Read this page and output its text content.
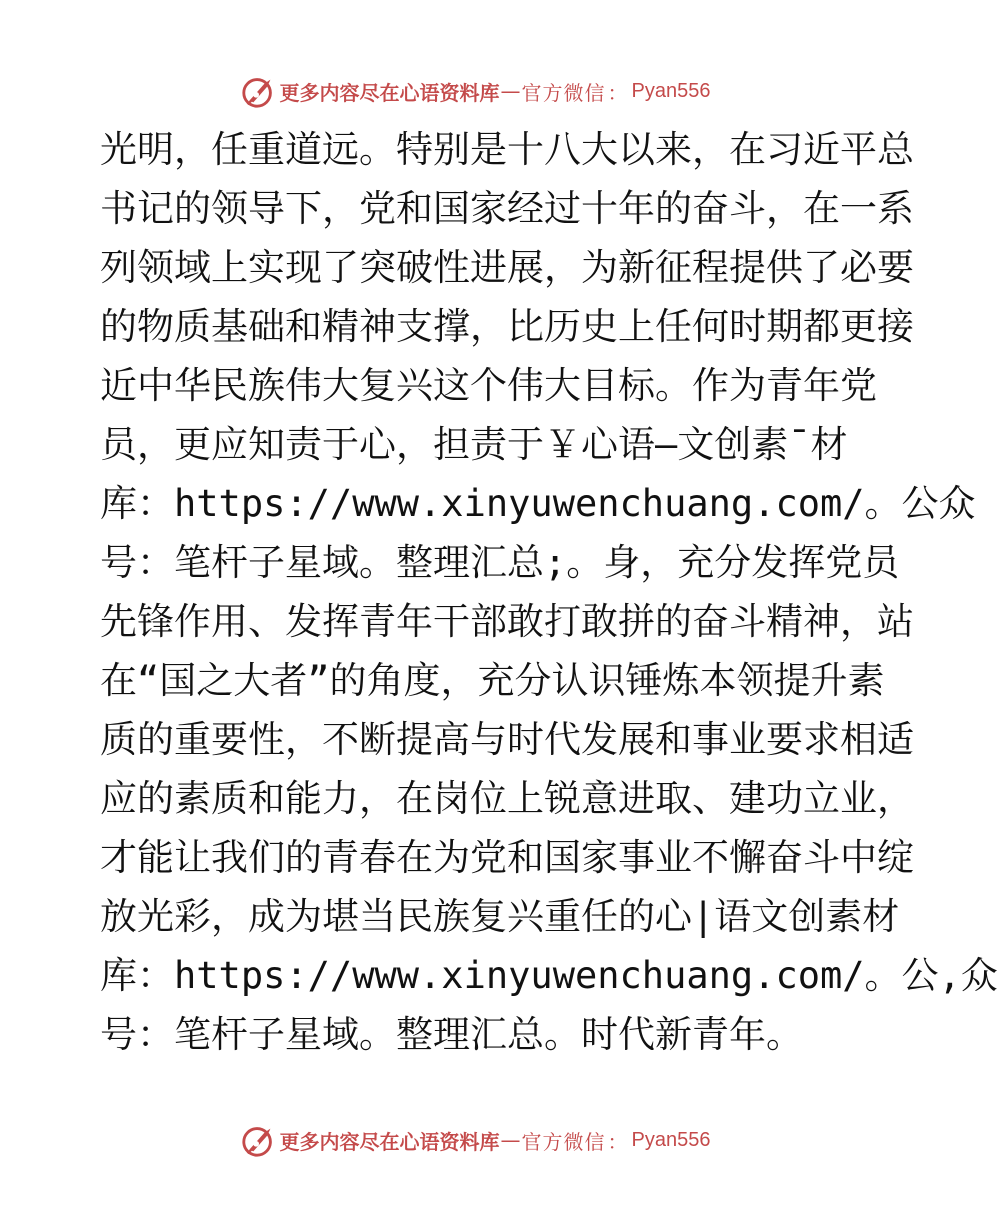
更多内容尽在心语资料库 — 官方微信 ： Pyan556
光明，任重道远。特别是十八大以来，在习近平总
书记的领导下，党和国家经过十年的奋斗，在一系
列领域上实现了突破性进展，为新征程提供了必要
的物质基础和精神支撑，比历史上任何时期都更接
近中华民族伟大复兴这个伟大目标。作为青年党
员，更应知责于心，担责于￥心语—文创素¯材
库：https://www.xinyuwenchuang.com/。公众
号：笔杆子星域。整理汇总;。身，充分发挥党员
先锋作用、发挥青年干部敢打敢拼的奋斗精神，站
在“国之大者”的角度，充分认识锤炼本领提升素
质的重要性，不断提高与时代发展和事业要求相适
应的素质和能力，在岗位上锐意进取、建功立业，
才能让我们的青春在为党和国家事业不懈奋斗中绽
放光彩，成为堪当民族复兴重任的心|语文创素材
库：https://www.xinyuwenchuang.com/。公,众
号：笔杆子星域。整理汇总。时代新青年。
更多内容尽在心语资料库 — 官方微信 ： Pyan556
